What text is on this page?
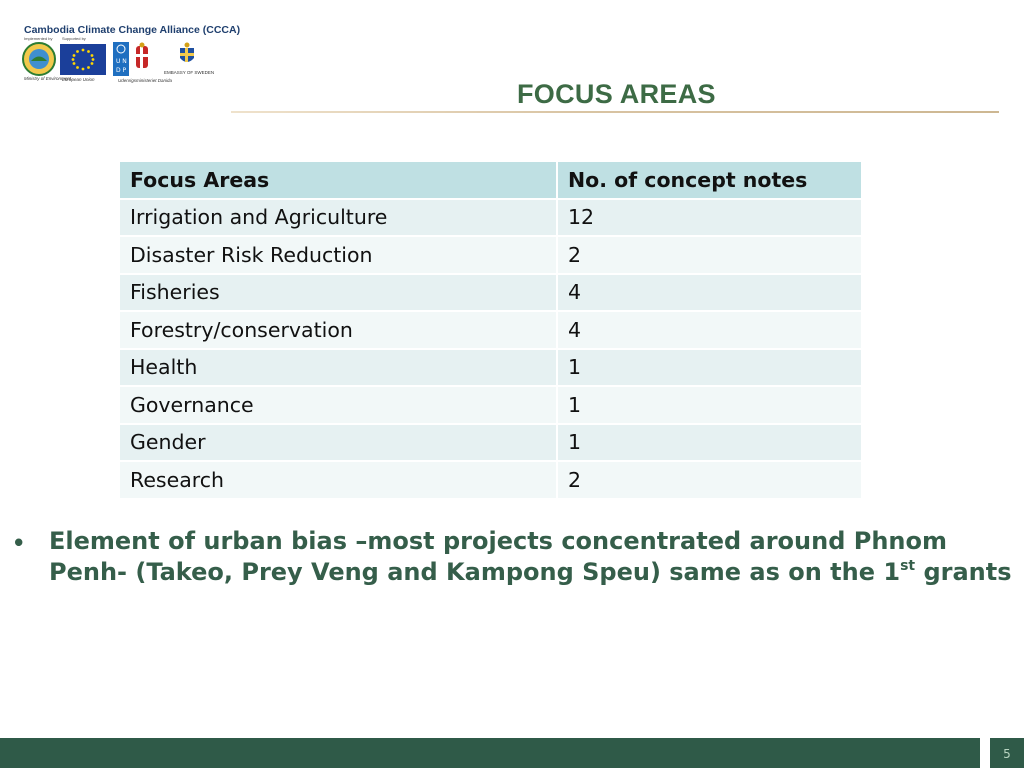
Cambodia Climate Change Alliance (CCCA)
Implemented by Supported by
Ministry of Environment
European Union
U N
D P
Udenrigsministeriet Danida
EMBASSY OF SWEDEN
FOCUS AREAS
Focus Areas	No. of concept notes
Irrigation and Agriculture	12
Disaster Risk Reduction	2
Fisheries	4
Forestry/conservation	4
Health	1
Governance	1
Gender	1
Research	2
• Element of urban bias –most projects concentrated around Phnom Penh- (Takeo, Prey Veng and Kampong Speu) same as on the 1st grants
5
